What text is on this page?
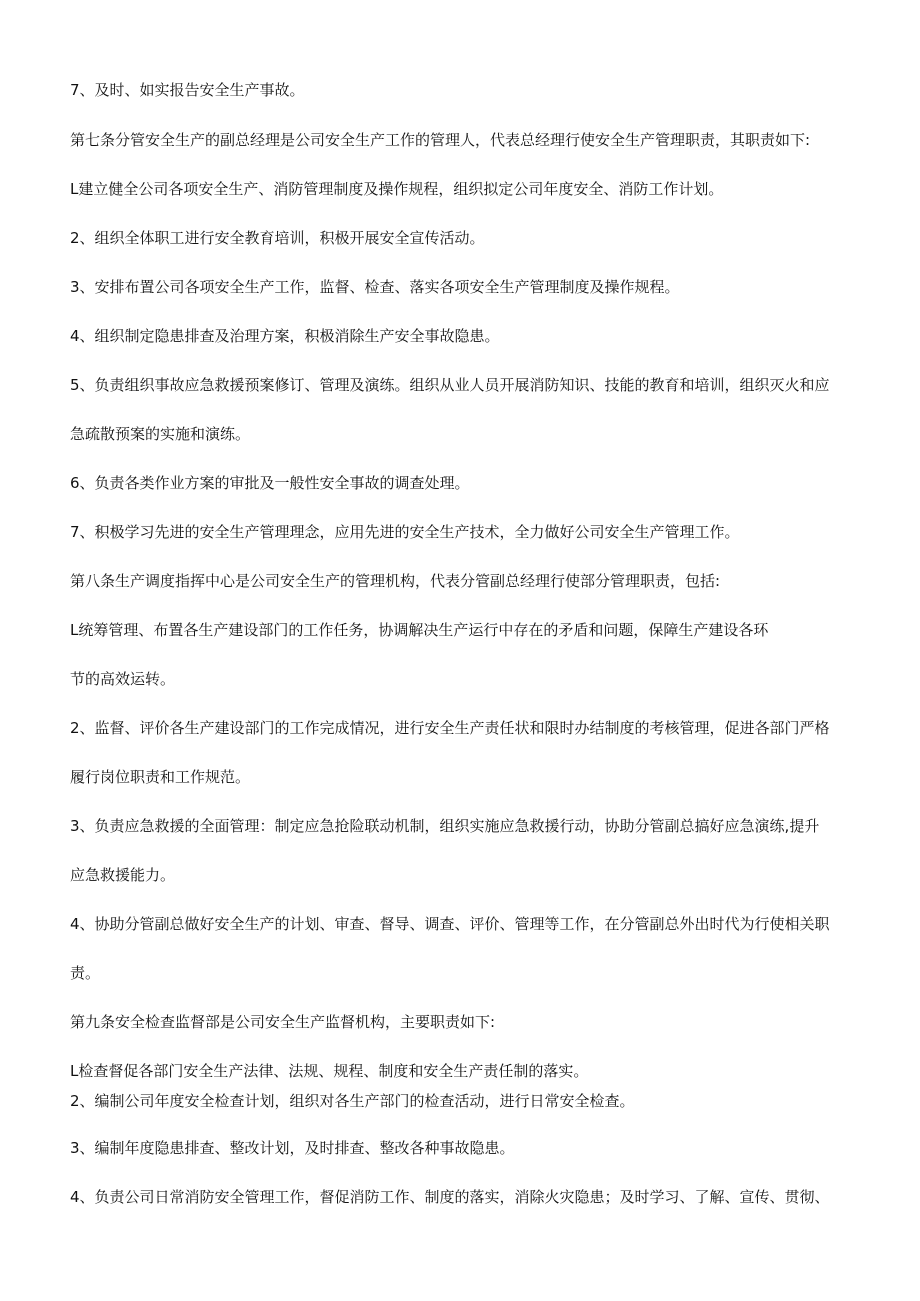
7、及时、如实报告安全生产事故。
第七条分管安全生产的副总经理是公司安全生产工作的管理人，代表总经理行使安全生产管理职责，其职责如下:
L建立健全公司各项安全生产、消防管理制度及操作规程，组织拟定公司年度安全、消防工作计划。
2、组织全体职工进行安全教育培训，积极开展安全宣传活动。
3、安排布置公司各项安全生产工作，监督、检查、落实各项安全生产管理制度及操作规程。
4、组织制定隐患排查及治理方案，积极消除生产安全事故隐患。
5、负责组织事故应急救援预案修订、管理及演练。组织从业人员开展消防知识、技能的教育和培训，组织灭火和应
急疏散预案的实施和演练。
6、负责各类作业方案的审批及一般性安全事故的调查处理。
7、积极学习先进的安全生产管理理念，应用先进的安全生产技术，全力做好公司安全生产管理工作。
第八条生产调度指挥中心是公司安全生产的管理机构，代表分管副总经理行使部分管理职责，包括:
L统筹管理、布置各生产建设部门的工作任务，协调解决生产运行中存在的矛盾和问题，保障生产建设各环
节的高效运转。
2、监督、评价各生产建设部门的工作完成情况，进行安全生产责任状和限时办结制度的考核管理，促进各部门严格
履行岗位职责和工作规范。
3、负责应急救援的全面管理：制定应急抢险联动机制，组织实施应急救援行动，协助分管副总搞好应急演练,提升
应急救援能力。
4、协助分管副总做好安全生产的计划、审查、督导、调查、评价、管理等工作，在分管副总外出时代为行使相关职
责。
第九条安全检查监督部是公司安全生产监督机构，主要职责如下:
L检查督促各部门安全生产法律、法规、规程、制度和安全生产责任制的落实。
2、编制公司年度安全检查计划，组织对各生产部门的检查活动，进行日常安全检查。
3、编制年度隐患排查、整改计划，及时排查、整改各种事故隐患。
4、负责公司日常消防安全管理工作，督促消防工作、制度的落实，消除火灾隐患；及时学习、了解、宣传、贯彻、
